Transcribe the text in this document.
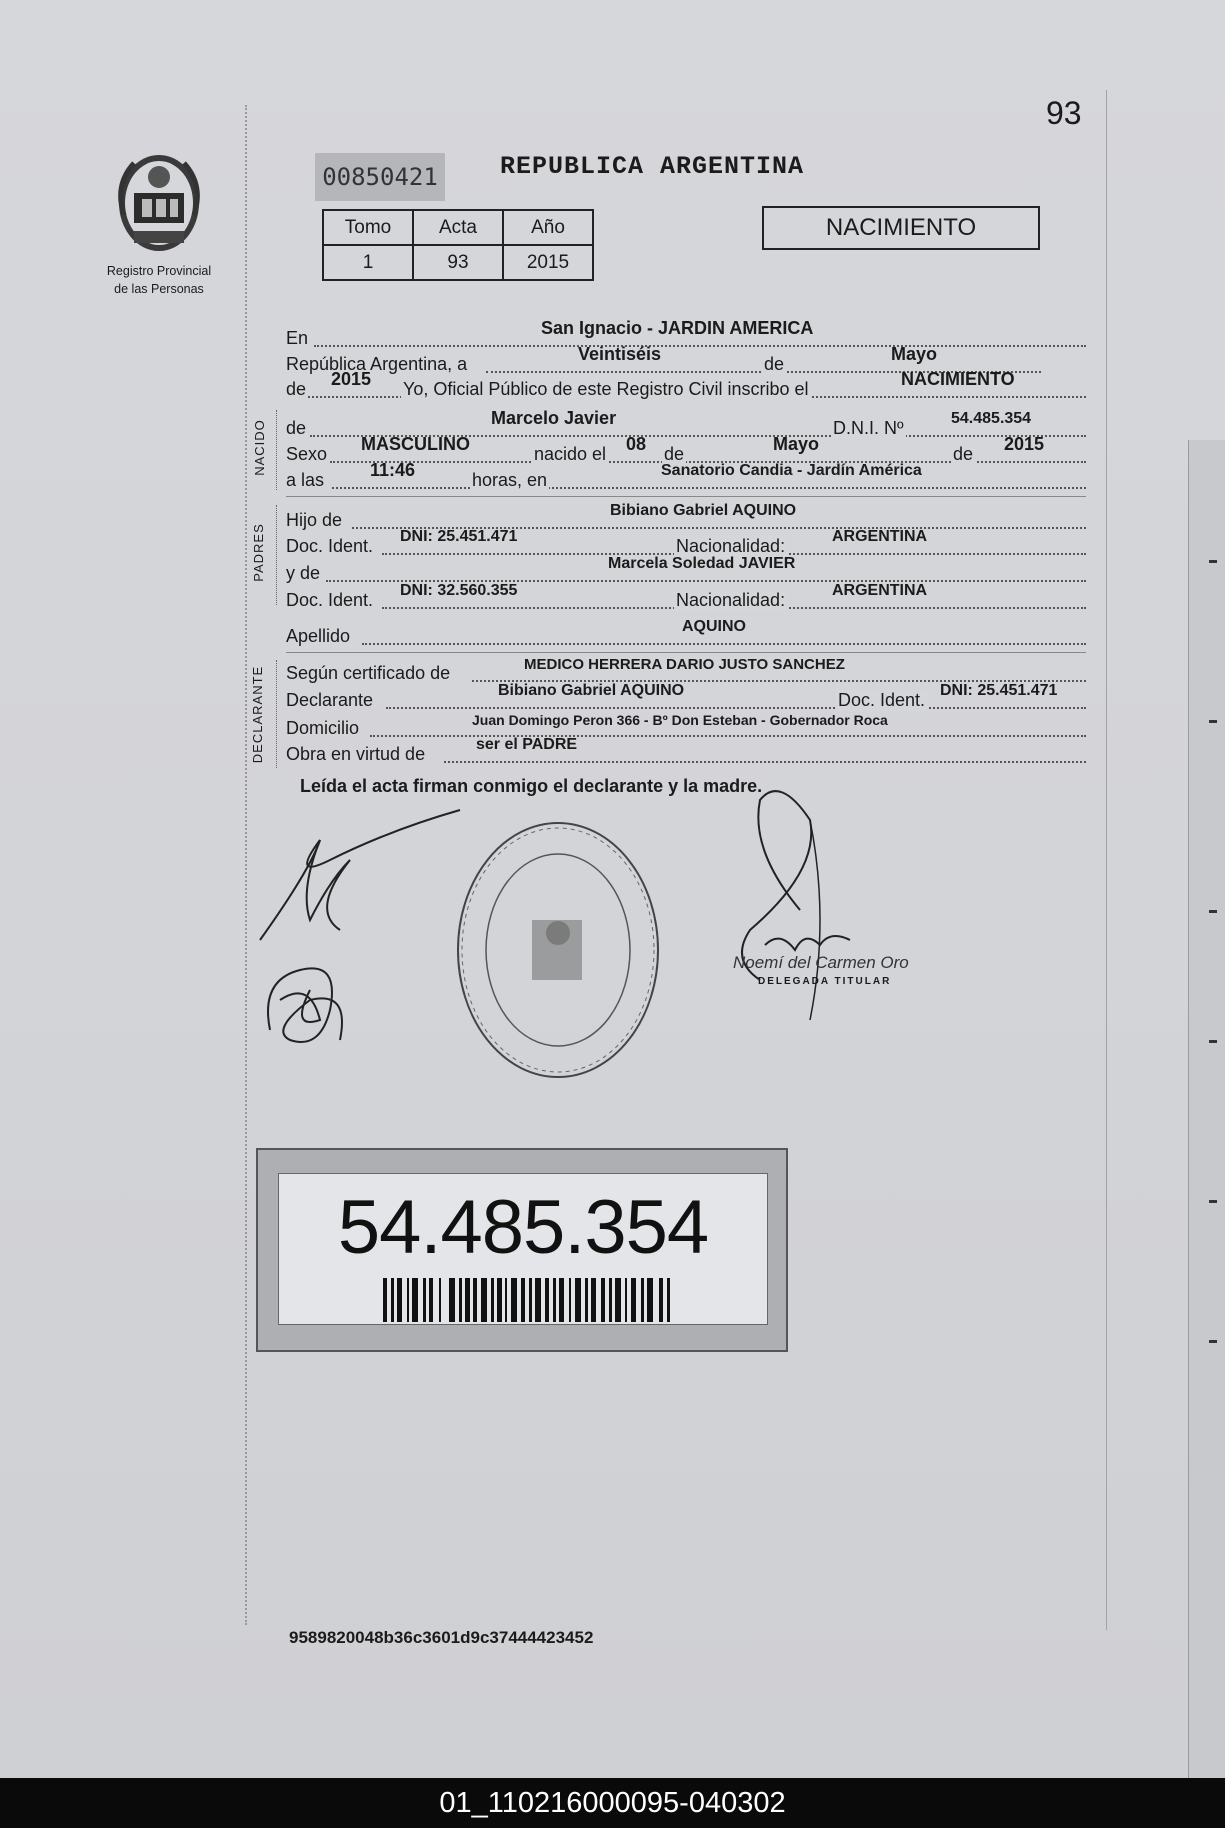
93
Registro Provincial
de las Personas
00850421 REPUBLICA ARGENTINA
Tomo	Acta	Año
1	93	2015
NACIMIENTO
En	San Ignacio - JARDIN AMERICA
República Argentina, a	Veintiséis	de	Mayo
de 2015 Yo, Oficial Público de este Registro Civil inscribo el	NACIMIENTO
NACIDO de	Marcelo Javier	D.N.I. Nº	54.485.354
Sexo MASCULINO	nacido el 08 de	Mayo	de 2015
a las	11:46	horas, en	Sanatorio Candia - Jardín América
PADRES
Hijo de	Bibiano Gabriel AQUINO
Doc. Ident. DNI: 25.451.471	Nacionalidad:	ARGENTINA
y de	Marcela Soledad JAVIER
Doc. Ident. DNI: 32.560.355	Nacionalidad:	ARGENTINA
Apellido	AQUINO
DECLARANTE Según certificado de	MEDICO HERRERA DARIO JUSTO SANCHEZ
Declarante	Bibiano Gabriel AQUINO	Doc. Ident. DNI: 25.451.471
Domicilio	Juan Domingo Peron 366 - Bº Don Esteban - Gobernador Roca
Obra en virtud de	ser el PADRE
Leída el acta firman conmigo el declarante y la madre.
Noemí del Carmen Oro
DELEGADA TITULAR
54.485.354
9589820048b36c3601d9c37444423452
01_110216000095-040302
